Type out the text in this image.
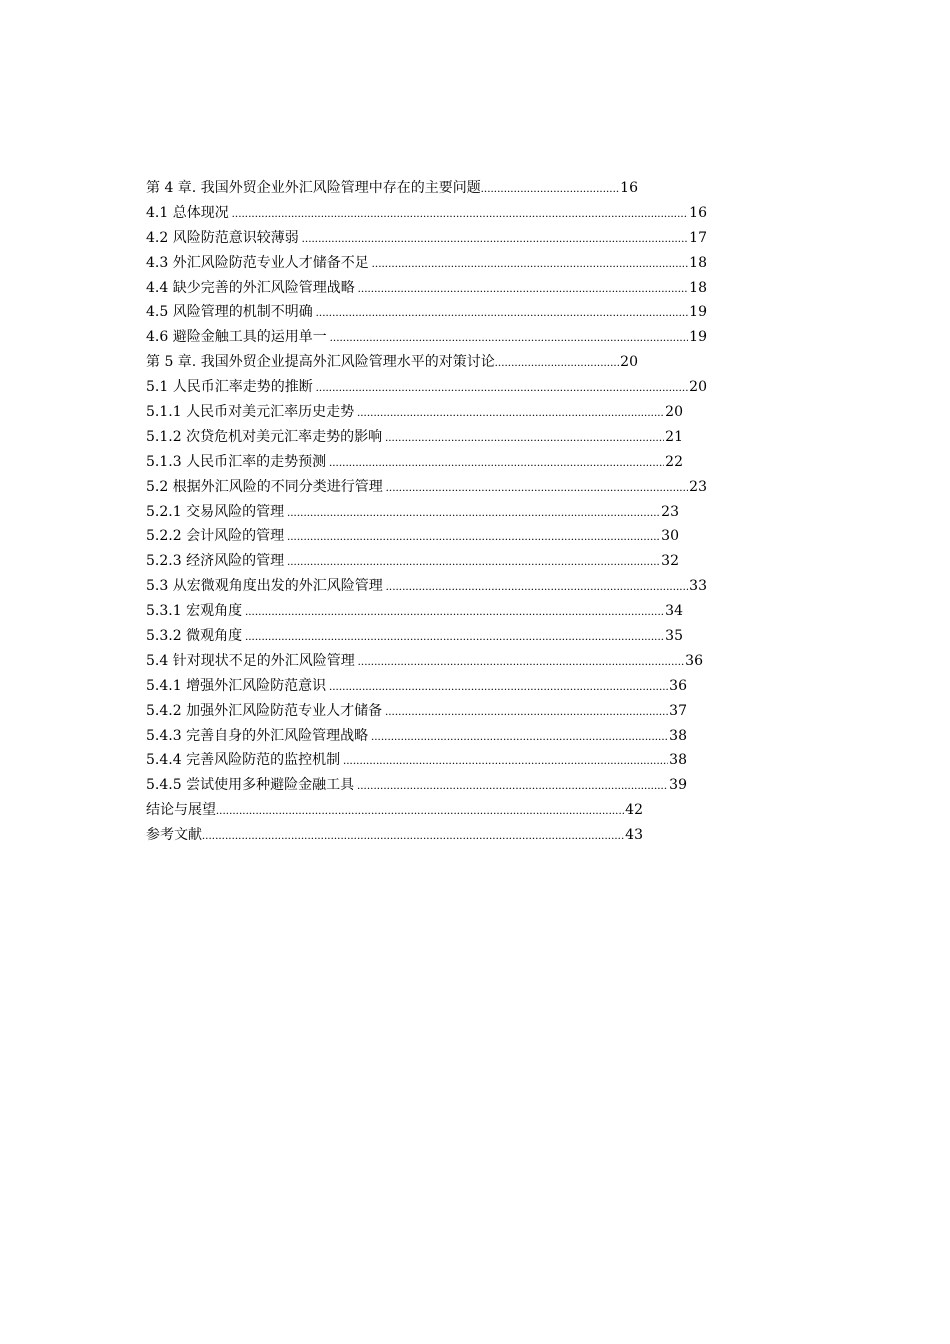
第 4 章. 我国外贸企业外汇风险管理中存在的主要问题 .....	16
4.1 总体现况 .....	16
4.2 风险防范意识较薄弱 .....	17
4.3 外汇风险防范专业人才储备不足 .....	18
4.4 缺少完善的外汇风险管理战略 .....	18
4.5 风险管理的机制不明确 .....	19
4.6 避险金触工具的运用单一 .....	19
第 5 章. 我国外贸企业提高外汇风险管理水平的对策讨论 .....	20
5.1 人民币汇率走势的推断 .....	20
5.1.1 人民币对美元汇率历史走势 .....	20
5.1.2 次贷危机对美元汇率走势的影响 .....	21
5.1.3 人民币汇率的走势预测 .....	22
5.2 根据外汇风险的不同分类进行管理 .....	23
5.2.1 交易风险的管理 .....	23
5.2.2 会计风险的管理 .....	30
5.2.3 经济风险的管理 .....	32
5.3 从宏微观角度出发的外汇风险管理 .....	33
5.3.1 宏观角度 .....	34
5.3.2 微观角度 .....	35
5.4 针对现状不足的外汇风险管理 .....	36
5.4.1 增强外汇风险防范意识 .....	36
5.4.2 加强外汇风险防范专业人才储备 .....	37
5.4.3 完善自身的外汇风险管理战略 .....	38
5.4.4 完善风险防范的监控机制 .....	38
5.4.5 尝试使用多种避险金融工具 .....	39
结论与展望 .....	42
参考文献 .....	43
